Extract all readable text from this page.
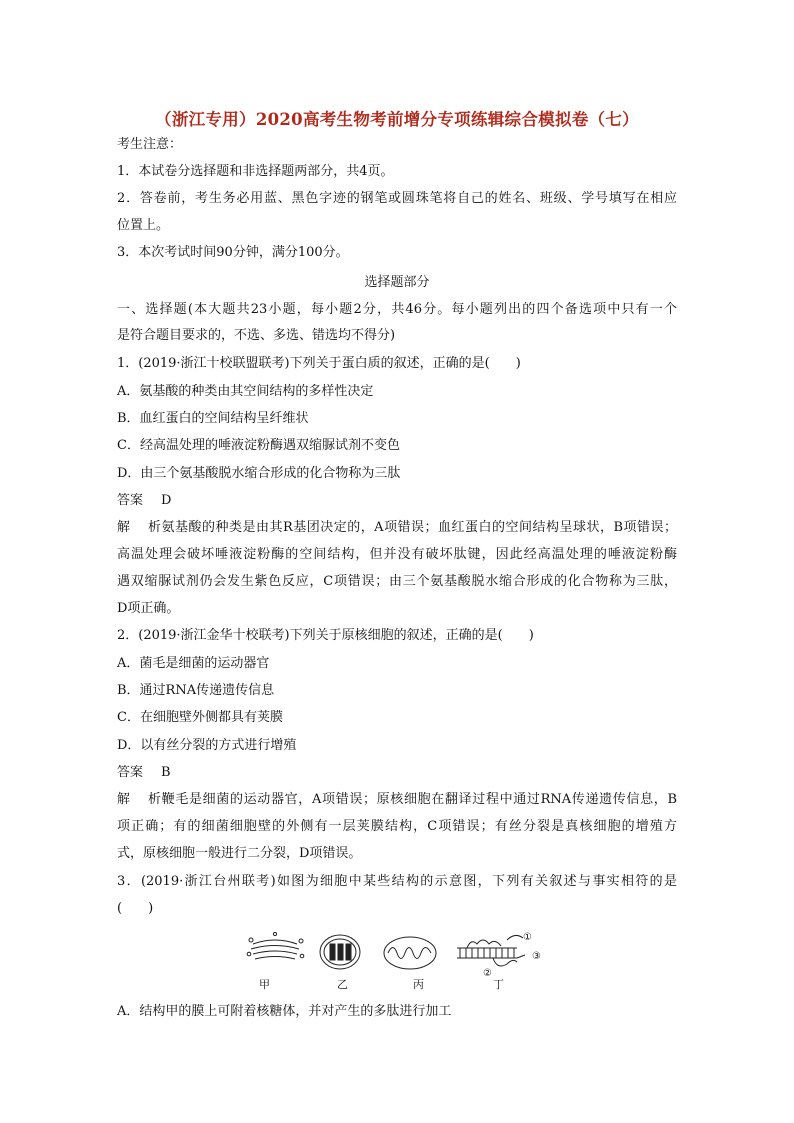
（浙江专用）2020高考生物考前增分专项练辑综合模拟卷（七）
考生注意：
1．本试卷分选择题和非选择题两部分，共4页。
2．答卷前，考生务必用蓝、黑色字迹的钢笔或圆珠笔将自己的姓名、班级、学号填写在相应
位置上。
3．本次考试时间90分钟，满分100分。
选择题部分
一、选择题(本大题共23小题，每小题2分，共46分。每小题列出的四个备选项中只有一个
是符合题目要求的，不选、多选、错选均不得分)
1．(2019·浙江十校联盟联考)下列关于蛋白质的叙述，正确的是(　　)
A．氨基酸的种类由其空间结构的多样性决定
B．血红蛋白的空间结构呈纤维状
C．经高温处理的唾液淀粉酶遇双缩脲试剂不变色
D．由三个氨基酸脱水缩合形成的化合物称为三肽
答案 D
解析氨基酸的种类是由其R基团决定的，A项错误；血红蛋白的空间结构呈球状，B项错误；
高温处理会破坏唾液淀粉酶的空间结构，但并没有破坏肽键，因此经高温处理的唾液淀粉酶
遇双缩脲试剂仍会发生紫色反应，C项错误；由三个氨基酸脱水缩合形成的化合物称为三肽，
D项正确。
2．(2019·浙江金华十校联考)下列关于原核细胞的叙述，正确的是(　　)
A．菌毛是细菌的运动器官
B．通过RNA传递遗传信息
C．在细胞壁外侧都具有荚膜
D．以有丝分裂的方式进行增殖
答案 B
解析鞭毛是细菌的运动器官，A项错误；原核细胞在翻译过程中通过RNA传递遗传信息，B
项正确；有的细菌细胞壁的外侧有一层荚膜结构，C项错误；有丝分裂是真核细胞的增殖方
式，原核细胞一般进行二分裂，D项错误。
3．(2019·浙江台州联考)如图为细胞中某些结构的示意图，下列有关叙述与事实相符的是
(　　)
①
②
③
甲	乙	丙	丁
A．结构甲的膜上可附着核糖体，并对产生的多肽进行加工
